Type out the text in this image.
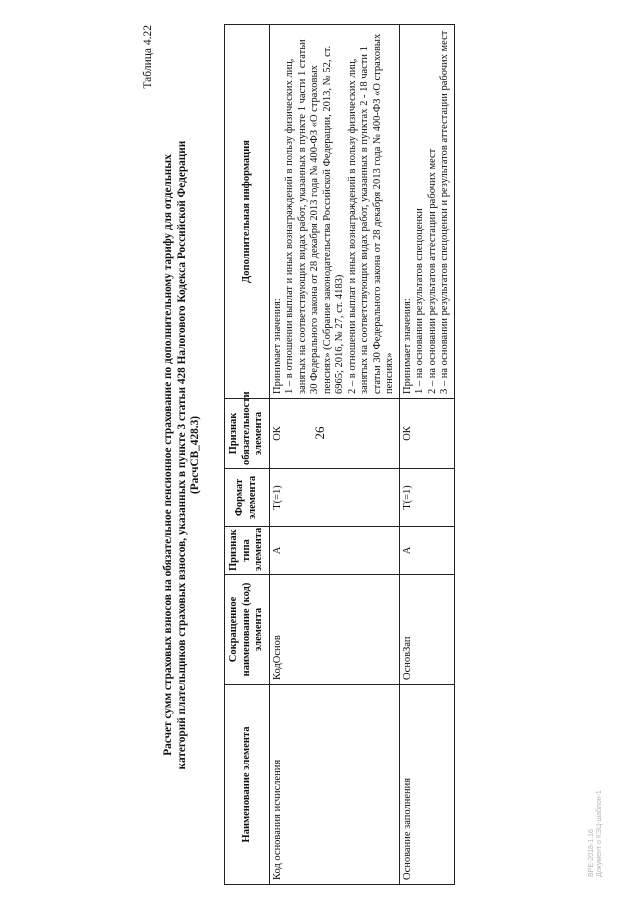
26
Таблица 4.22
Расчет сумм страховых взносов на обязательное пенсионное страхование по дополнительному тарифу для отдельных категорий плательщиков страховых взносов, указанных в пункте 3 статьи 428 Налогового Кодекса Российской Федерации (РасчСВ_428.3)
Наименование элемента	Сокращенное наименование (код) элемента	Признак типа элемента	Формат элемента	Признак обязательности элемента	Дополнительная информация
Код основания исчисления	КодОснов	А	T(=1)	ОК	Принимает значения: 1 – в отношении выплат и иных вознаграждений в пользу физических лиц, занятых на соответствующих видах работ, указанных в пункте 1 части 1 статьи 30 Федерального закона от 28 декабря 2013 года № 400-ФЗ «О страховых пенсиях» (Собрание законодательства Российской Федерации, 2013, № 52, ст. 6965; 2016, № 27, ст. 4183) 2 – в отношении выплат и иных вознаграждений в пользу физических лиц, занятых на соответствующих видах работ, указанных в пунктах 2 - 18 части 1 статьи 30 Федерального закона от 28 декабря 2013 года № 400-ФЗ «О страховых пенсиях»

Основание заполнения	ОсновЗап	А	T(=1)	ОК	Принимает значения: 1 – на основании результатов спецоценки 2 – на основании результатов аттестации рабочих мест 3 – на основании результатов спецоценки и результатов аттестации рабочих мест
ВРЕ-2018-1.16 Документ о КЭЦ-шаблон-1
